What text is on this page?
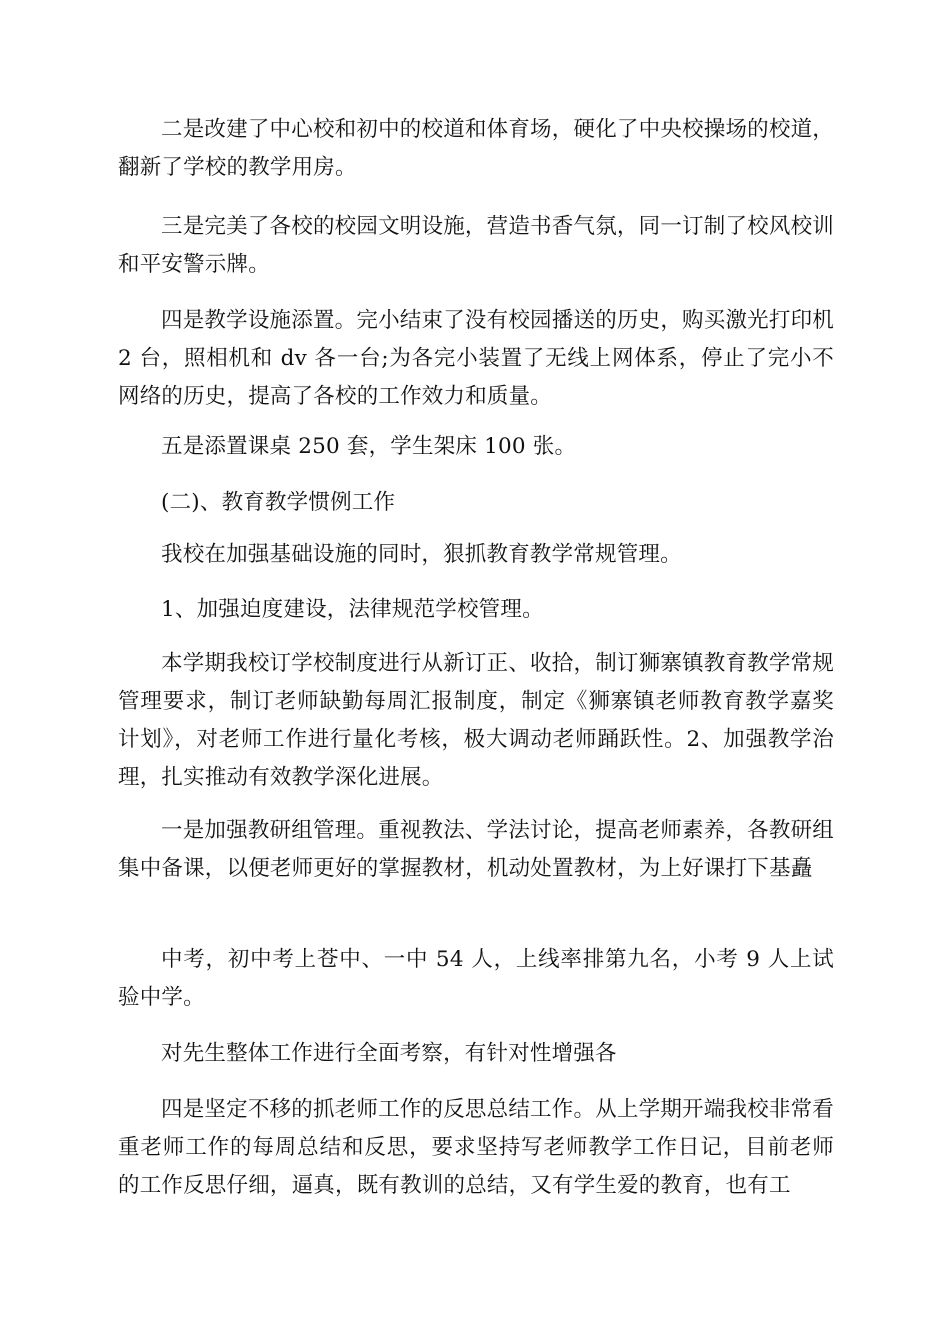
二是改建了中心校和初中的校道和体育场，硬化了中央校操场的校道，翻新了学校的教学用房。

三是完美了各校的校园文明设施，营造书香气氛，同一订制了校风校训和平安警示牌。

四是教学设施添置。完小结束了没有校园播送的历史，购买激光打印机 2 台，照相机和 dv 各一台;为各完小装置了无线上网体系，停止了完小不网络的历史，提高了各校的工作效力和质量。

五是添置课桌 250 套，学生架床 100 张。

(二)、教育教学惯例工作

我校在加强基础设施的同时，狠抓教育教学常规管理。

1、加强迫度建设，法律规范学校管理。

本学期我校订学校制度进行从新订正、收拾，制订狮寨镇教育教学常规管理要求，制订老师缺勤每周汇报制度，制定《狮寨镇老师教育教学嘉奖计划》，对老师工作进行量化考核，极大调动老师踊跃性。2、加强教学治理，扎实推动有效教学深化进展。

一是加强教研组管理。重视教法、学法讨论，提高老师素养，各教研组集中备课，以便老师更好的掌握教材，机动处置教材，为上好课打下基矗

中考，初中考上苍中、一中 54 人，上线率排第九名，小考 9 人上试验中学。

对先生整体工作进行全面考察，有针对性增强各

四是坚定不移的抓老师工作的反思总结工作。从上学期开端我校非常看重老师工作的每周总结和反思，要求坚持写老师教学工作日记，目前老师的工作反思仔细，逼真，既有教训的总结，又有学生爱的教育，也有工
